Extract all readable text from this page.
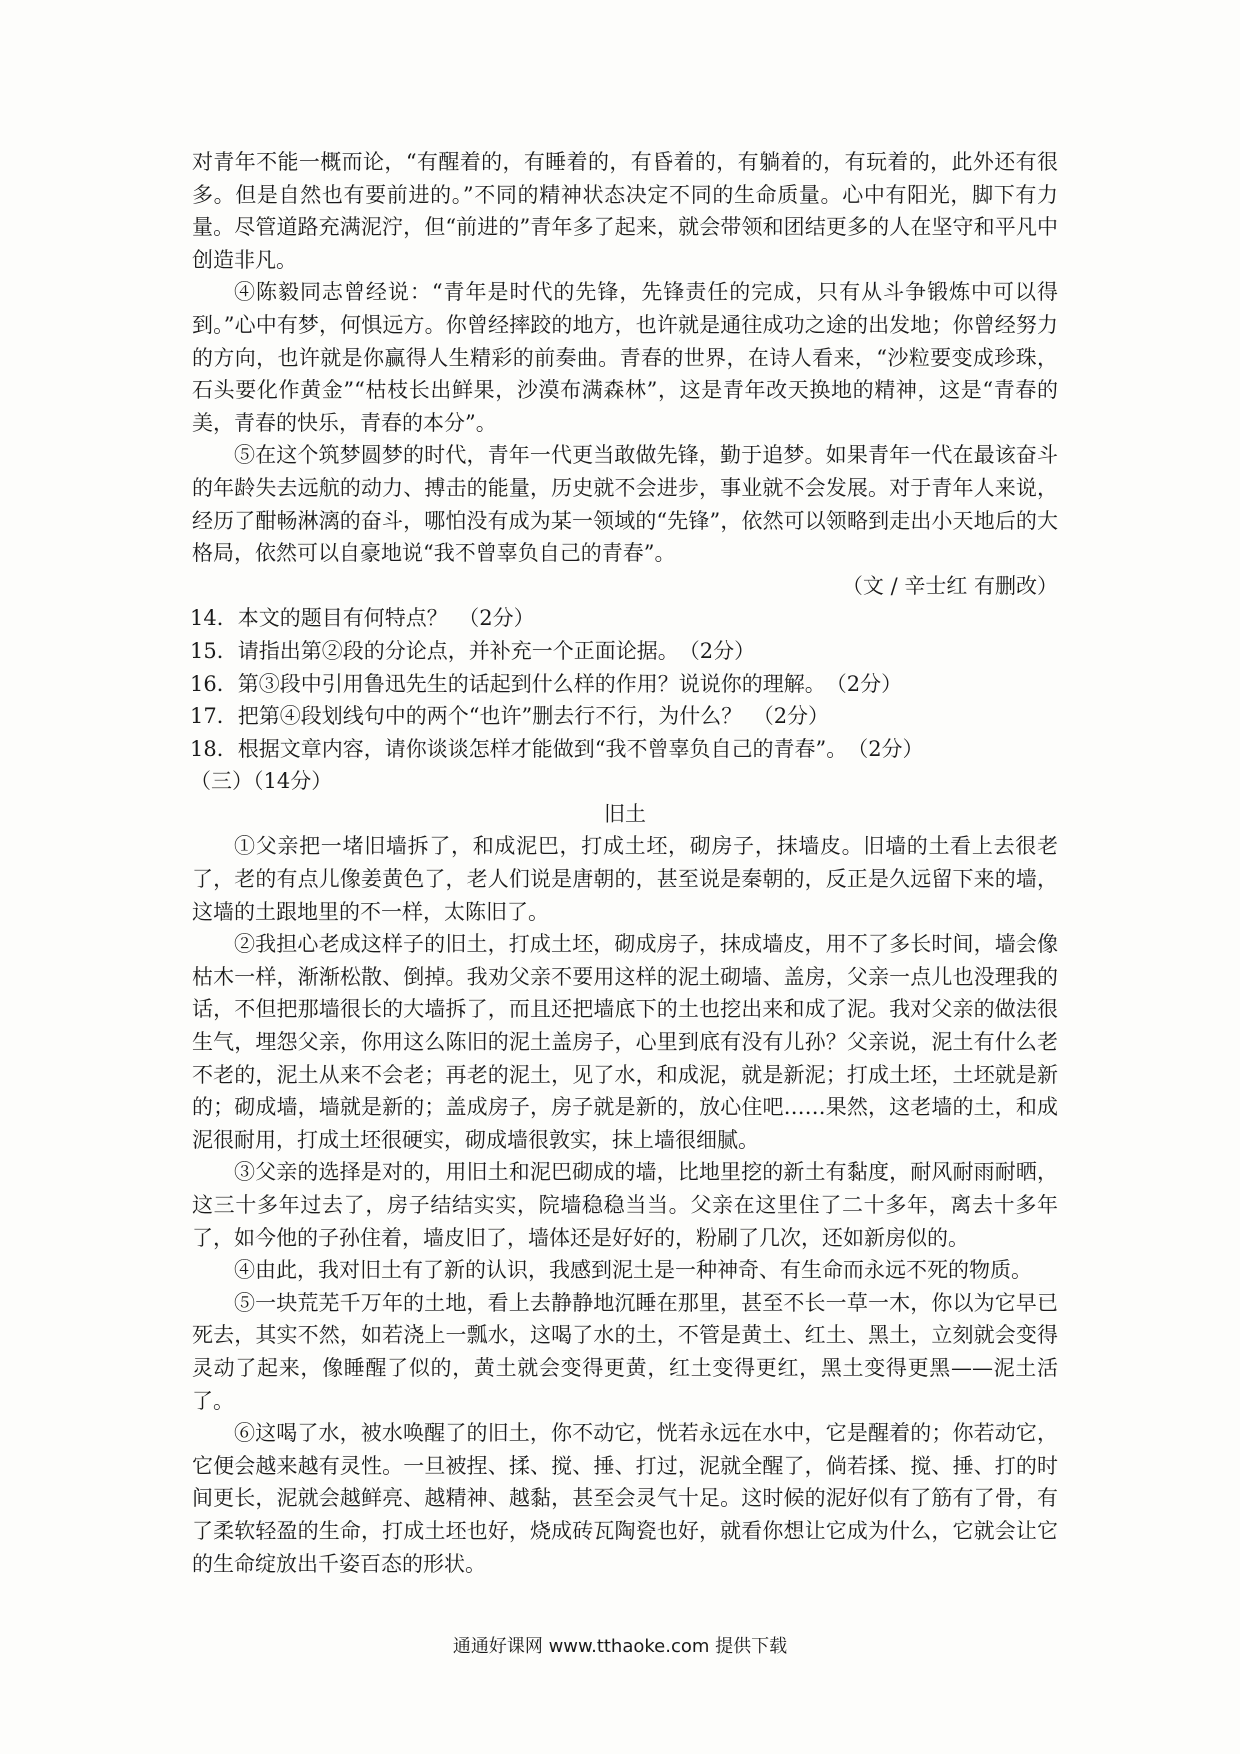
对青年不能一概而论，“有醒着的，有睡着的，有昏着的，有躺着的，有玩着的，此外还有很多。但是自然也有要前进的。”不同的精神状态决定不同的生命质量。心中有阳光，脚下有力量。尽管道路充满泥泞，但“前进的”青年多了起来，就会带领和团结更多的人在坚守和平凡中创造非凡。

④陈毅同志曾经说：“青年是时代的先锋，先锋责任的完成，只有从斗争锻炼中可以得到。”心中有梦，何惧远方。你曾经摔跤的地方，也许就是通往成功之途的出发地；你曾经努力的方向，也许就是你赢得人生精彩的前奏曲。青春的世界，在诗人看来，“沙粒要变成珍珠，石头要化作黄金”“枯枝长出鲜果，沙漠布满森林”，这是青年改天换地的精神，这是“青春的美，青春的快乐，青春的本分”。

⑤在这个筑梦圆梦的时代，青年一代更当敢做先锋，勤于追梦。如果青年一代在最该奋斗的年龄失去远航的动力、搏击的能量，历史就不会进步，事业就不会发展。对于青年人来说，经历了酣畅淋漓的奋斗，哪怕没有成为某一领域的“先锋”，依然可以领略到走出小天地后的大格局，依然可以自豪地说“我不曾辜负自己的青春”。

（文 / 辛士红 有删改）

14．本文的题目有何特点？　（2分）

15．请指出第②段的分论点，并补充一个正面论据。　（2分）

16．第③段中引用鲁迅先生的话起到什么样的作用？说说你的理解。　（2分）

17．把第④段划线句中的两个“也许”删去行不行，为什么？　（2分）

18．根据文章内容，请你谈谈怎样才能做到“我不曾辜负自己的青春”。　（2分）

（三）（14分）

旧土

①父亲把一堵旧墙拆了，和成泥巴，打成土坯，砌房子，抹墙皮。旧墙的土看上去很老了，老的有点儿像姜黄色了，老人们说是唐朝的，甚至说是秦朝的，反正是久远留下来的墙，这墙的土跟地里的不一样，太陈旧了。

②我担心老成这样子的旧土，打成土坯，砌成房子，抹成墙皮，用不了多长时间，墙会像枯木一样，渐渐松散、倒掉。我劝父亲不要用这样的泥土砌墙、盖房，父亲一点儿也没理我的话，不但把那墙很长的大墙拆了，而且还把墙底下的土也挖出来和成了泥。我对父亲的做法很生气，埋怨父亲，你用这么陈旧的泥土盖房子，心里到底有没有儿孙？父亲说，泥土有什么老不老的，泥土从来不会老；再老的泥土，见了水，和成泥，就是新泥；打成土坯，土坯就是新的；砌成墙，墙就是新的；盖成房子，房子就是新的，放心住吧……果然，这老墙的土，和成泥很耐用，打成土坯很硬实，砌成墙很敦实，抹上墙很细腻。

③父亲的选择是对的，用旧土和泥巴砌成的墙，比地里挖的新土有黏度，耐风耐雨耐晒，这三十多年过去了，房子结结实实，院墙稳稳当当。父亲在这里住了二十多年，离去十多年了，如今他的子孙住着，墙皮旧了，墙体还是好好的，粉刷了几次，还如新房似的。

④由此，我对旧土有了新的认识，我感到泥土是一种神奇、有生命而永远不死的物质。

⑤一块荒芜千万年的土地，看上去静静地沉睡在那里，甚至不长一草一木，你以为它早已死去，其实不然，如若浇上一瓢水，这喝了水的土，不管是黄土、红土、黑土，立刻就会变得灵动了起来，像睡醒了似的，黄土就会变得更黄，红土变得更红，黑土变得更黑——泥土活了。

⑥这喝了水，被水唤醒了的旧土，你不动它，恍若永远在水中，它是醒着的；你若动它，它便会越来越有灵性。一旦被捏、揉、搅、捶、打过，泥就全醒了，倘若揉、搅、捶、打的时间更长，泥就会越鲜亮、越精神、越黏，甚至会灵气十足。这时候的泥好似有了筋有了骨，有了柔软轻盈的生命，打成土坯也好，烧成砖瓦陶瓷也好，就看你想让它成为什么，它就会让它的生命绽放出千姿百态的形状。

通通好课网 www.tthaoke.com 提供下载
